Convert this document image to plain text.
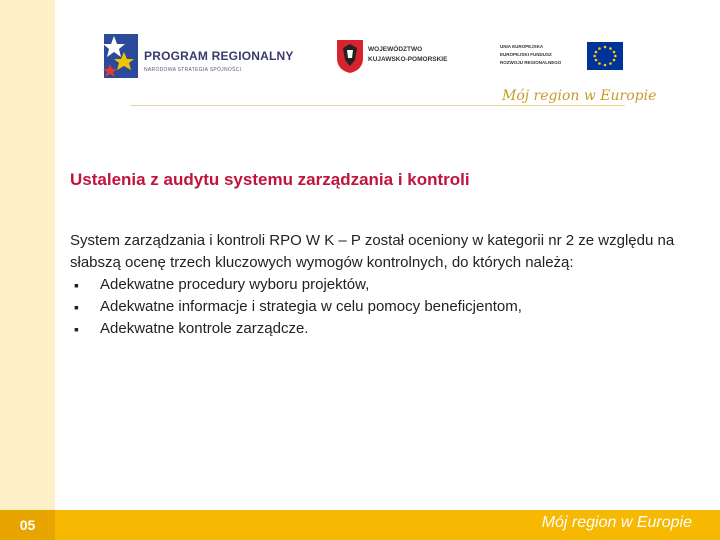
PROGRAM REGIONALNY
NARODOWA STRATEGIA SPÓJNOŚCI
WOJEWÓDZTWO
KUJAWSKO-POMORSKIE
UNIA EUROPEJSKA
EUROPEJSKI FUNDUSZ
ROZWOJU REGIONALNEGO
Mój region w Europie
Ustalenia z audytu systemu zarządzania i kontroli

System zarządzania i kontroli RPO W K – P został oceniony w kategorii nr 2 ze względu na słabszą ocenę trzech kluczowych wymogów kontrolnych, do których należą:

▪ Adekwatne procedury wyboru projektów,
▪ Adekwatne informacje i strategia w celu pomocy beneficjentom,
▪ Adekwatne kontrole zarządcze.
05	Mój region w Europie
